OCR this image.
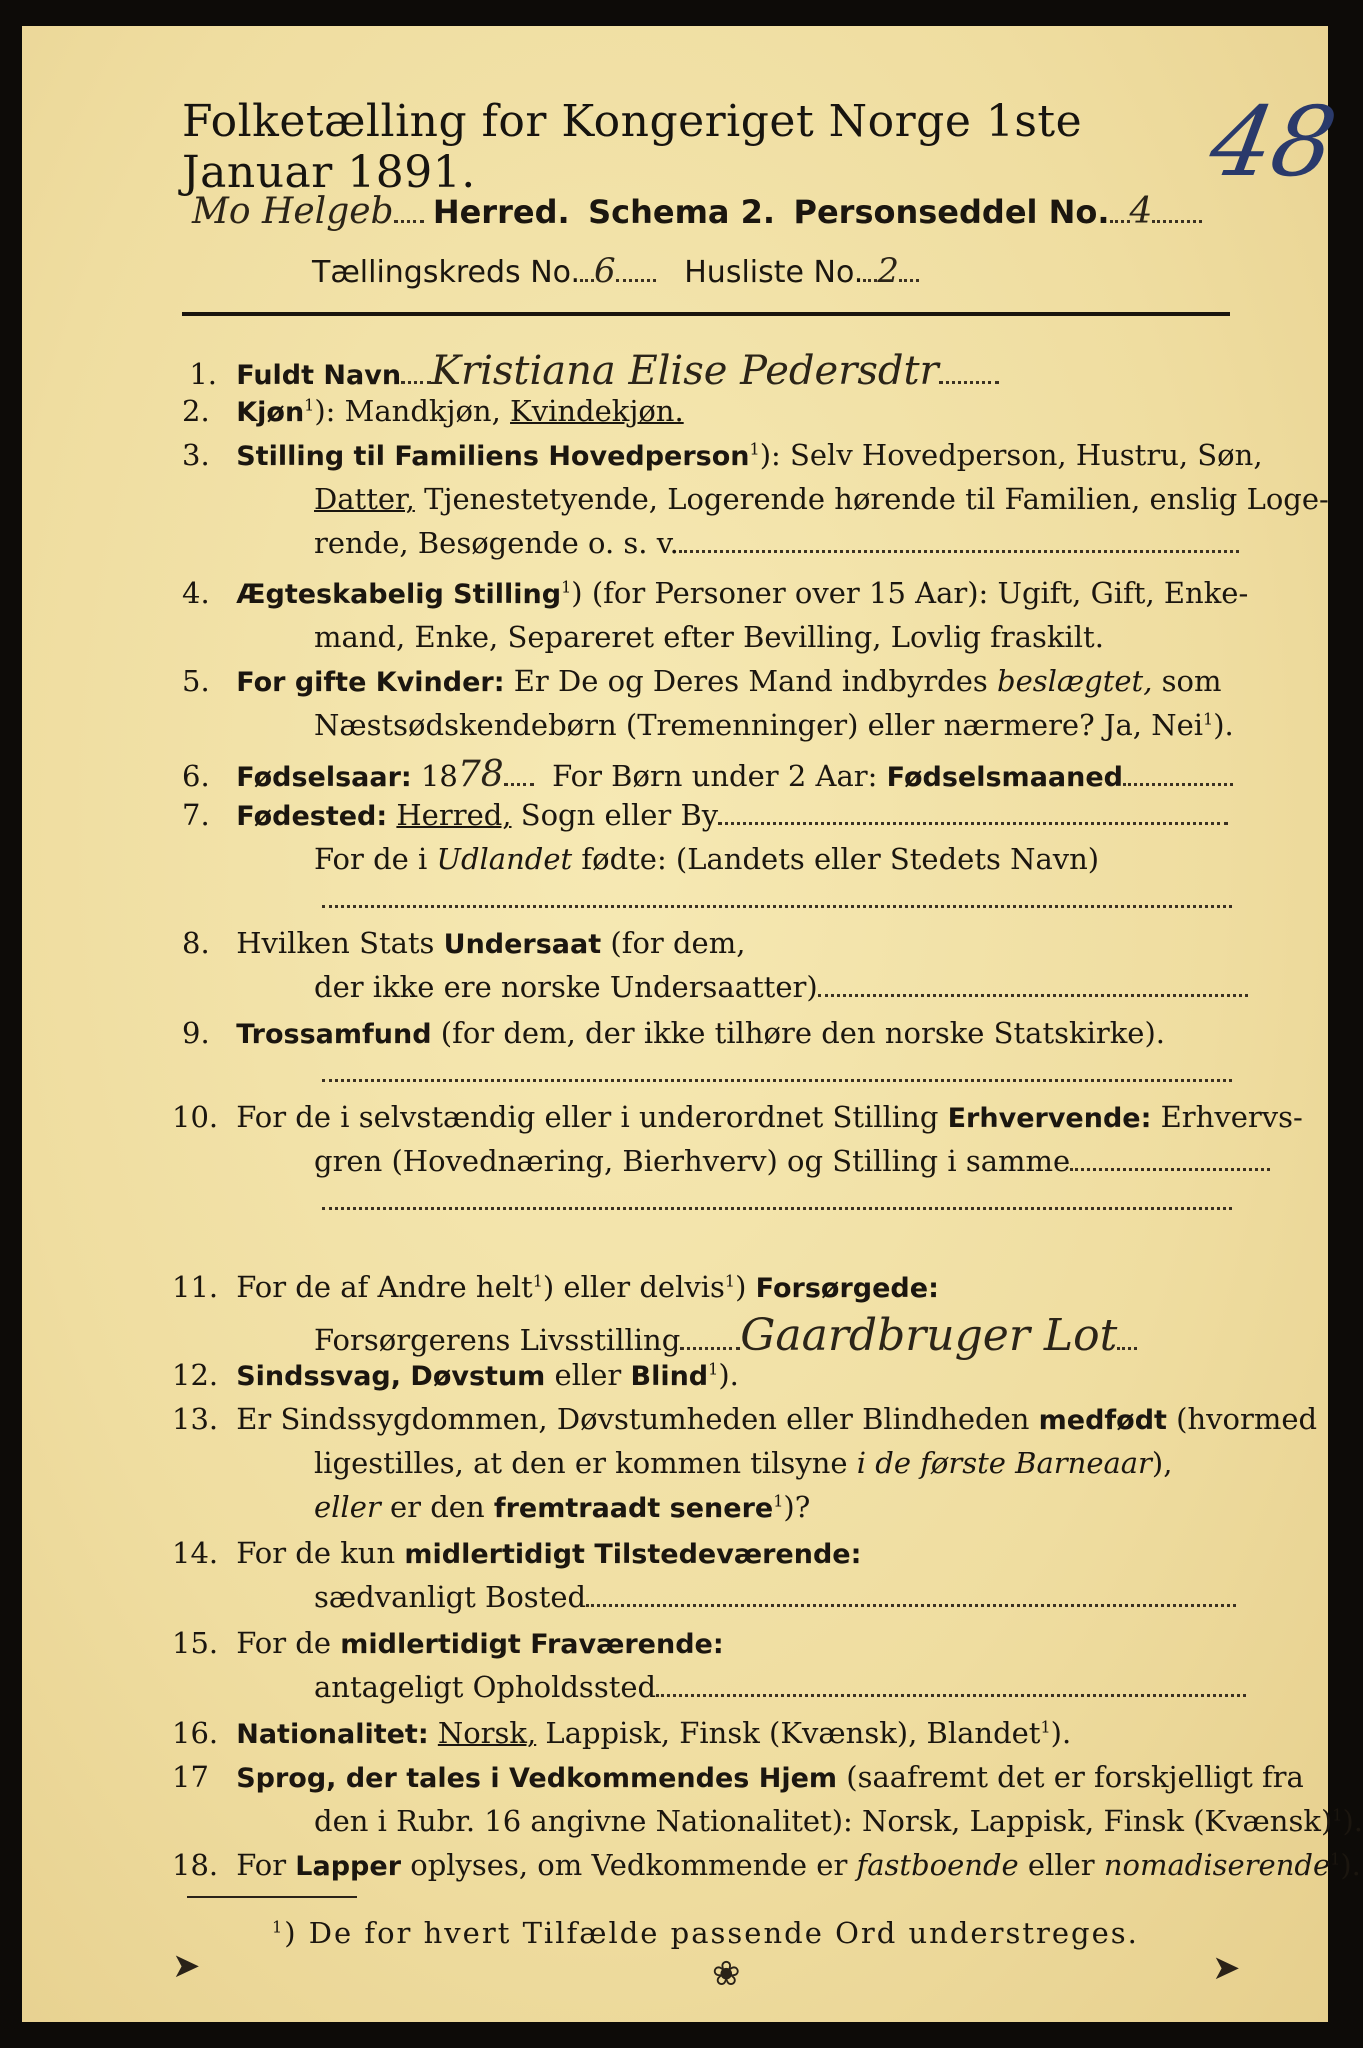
Folketælling for Kongeriget Norge 1ste Januar 1891.	48
Mo Helgeb Herred. Schema 2. Personseddel No. 4
Tællingskreds No. 6 Husliste No. 2
1. Fuldt Navn Kristiana Elise Pedersdtr
2. Kjøn$^1$): Mandkjøn, Kvindekjøn.
3. Stilling til Familiens Hovedperson$^1$): Selv Hovedperson, Hustru, Søn,
Datter, Tjenestetyende, Logerende hørende til Familien, enslig Loge-
rende, Besøgende o. s. v.
4. Ægteskabelig Stilling$^1$) (for Personer over 15 Aar): Ugift, Gift, Enke-
mand, Enke, Separeret efter Bevilling, Lovlig fraskilt.
5. For gifte Kvinder: Er De og Deres Mand indbyrdes beslægtet, som
Næstsødskendebørn (Tremenninger) eller nærmere? Ja, Nei$^1$).
6. Fødselsaar: 1878 For Børn under 2 Aar: Fødselsmaaned
7. Fødested: Herred, Sogn eller By
For de i Udlandet fødte: (Landets eller Stedets Navn)
8. Hvilken Stats Undersaat (for dem,
der ikke ere norske Undersaatter)
9. Trossamfund (for dem, der ikke tilhøre den norske Statskirke).
10. For de i selvstændig eller i underordnet Stilling Erhvervende: Erhvervs-
gren (Hovednæring, Bierhverv) og Stilling i samme
11. For de af Andre helt$^1$) eller delvis$^1$) Forsørgede:
Forsørgerens Livsstilling Gaardbruger Lot
12. Sindssvag, Døvstum eller Blind$^1$).
13. Er Sindssygdommen, Døvstumheden eller Blindheden medfødt (hvormed
ligestilles, at den er kommen tilsyne i de første Barneaar),
eller er den fremtraadt senere$^1$)?
14. For de kun midlertidigt Tilstedeværende:
sædvanligt Bosted
15. For de midlertidigt Fraværende:
antageligt Opholdssted
16. Nationalitet: Norsk, Lappisk, Finsk (Kvænsk), Blandet$^1$).
17 Sprog, der tales i Vedkommendes Hjem (saafremt det er forskjelligt fra
den i Rubr. 16 angivne Nationalitet): Norsk, Lappisk, Finsk (Kvænsk)$^1$).
18. For Lapper oplyses, om Vedkommende er fastboende eller nomadiserende$^1$).
$^1$) De for hvert Tilfælde passende Ord understreges.
➤	❀	➤
